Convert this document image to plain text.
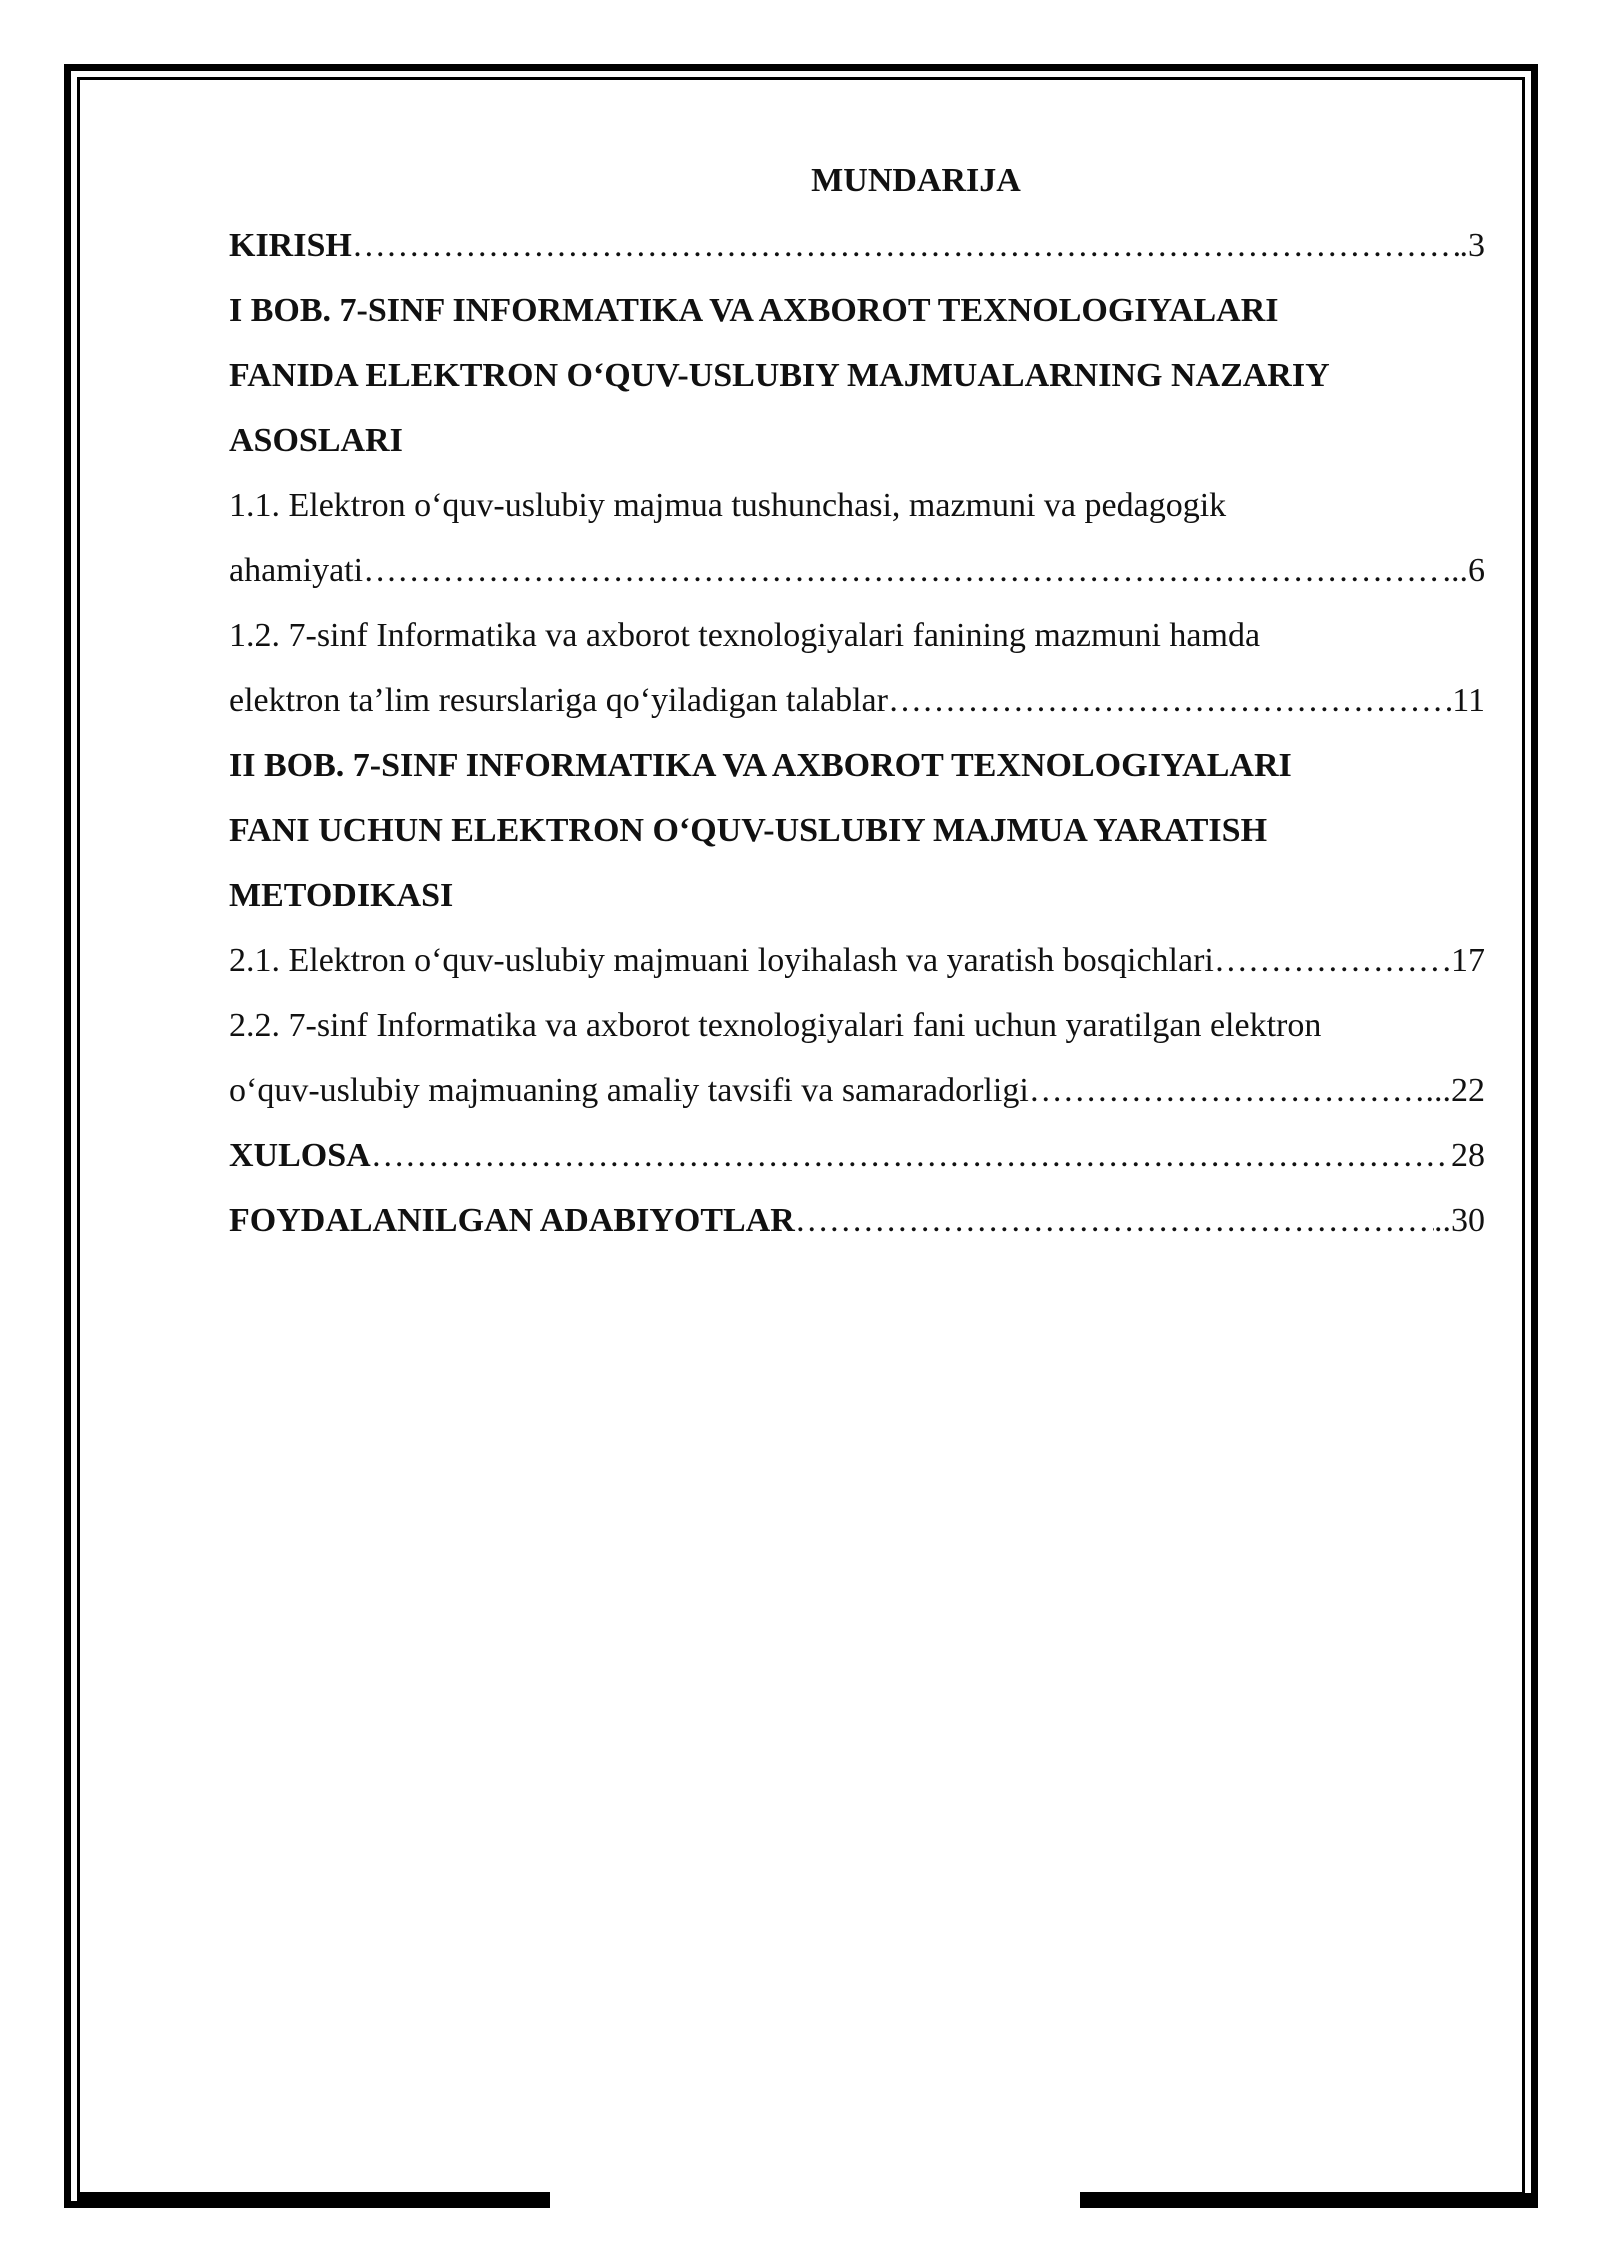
MUNDARIJA
KIRISH …………………………………………………………………………………………………………………………………………………………………………………………………	.3
I BOB. 7-SINF INFORMATIKA VA AXBOROT TEXNOLOGIYALARI
FANIDA ELEKTRON O‘QUV-USLUBIY MAJMUALARNING NAZARIY
ASOSLARI
1.1. Elektron o‘quv-uslubiy majmua tushunchasi, mazmuni va pedagogik
ahamiyati …………………………………………………………………………………………………………………………………………………………………………………………………	...6
1.2. 7-sinf Informatika va axborot texnologiyalari fanining mazmuni hamda
elektron ta’lim resurslariga qo‘yiladigan talablar …………………………………………………………………………………………………………………………………………………………………………………………………	11
II BOB. 7-SINF INFORMATIKA VA AXBOROT TEXNOLOGIYALARI
FANI UCHUN ELEKTRON O‘QUV-USLUBIY MAJMUA YARATISH
METODIKASI
2.1. Elektron o‘quv-uslubiy majmuani loyihalash va yaratish bosqichlari …………………………………………………………………………………………………………………………………………………………………………………………………	.17
2.2. 7-sinf Informatika va axborot texnologiyalari fani uchun yaratilgan elektron
o‘quv-uslubiy majmuaning amaliy tavsifi va samaradorligi …………………………………………………………………………………………………………………………………………………………………………………………………	...22
XULOSA …………………………………………………………………………………………………………………………………………………………………………………………………	28
FOYDALANILGAN ADABIYOTLAR …………………………………………………………………………………………………………………………………………………………………………………………………	..30
